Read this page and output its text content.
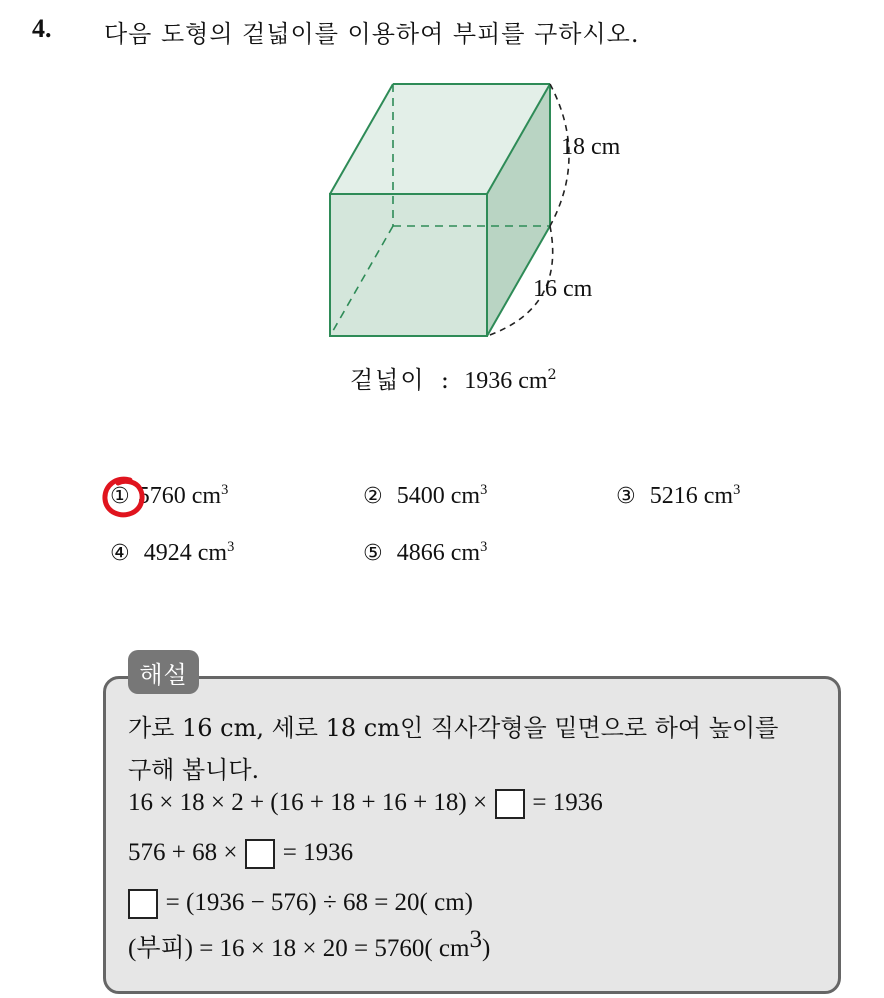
4. 다음 도형의 겉넓이를 이용하여 부피를 구하시오.
18 cm
16 cm
겉넓이 : 1936 $cm^2$
① 5760 $cm^3$	② 5400 $cm^3$	③ 5216 $cm^3$
④ 4924 $cm^3$	⑤ 4866 $cm^3$
해설
가로 16 cm, 세로 18 cm인 직사각형을 밑면으로 하여 높이를
구해 봅니다.
16 × 18 × 2 + (16 + 18 + 16 + 18) × = 1936
576 + 68 × = 1936
= (1936 − 576) ÷ 68 = 20( cm)
(부피) = 16 × 18 × 20 = 5760( $cm^3$)
